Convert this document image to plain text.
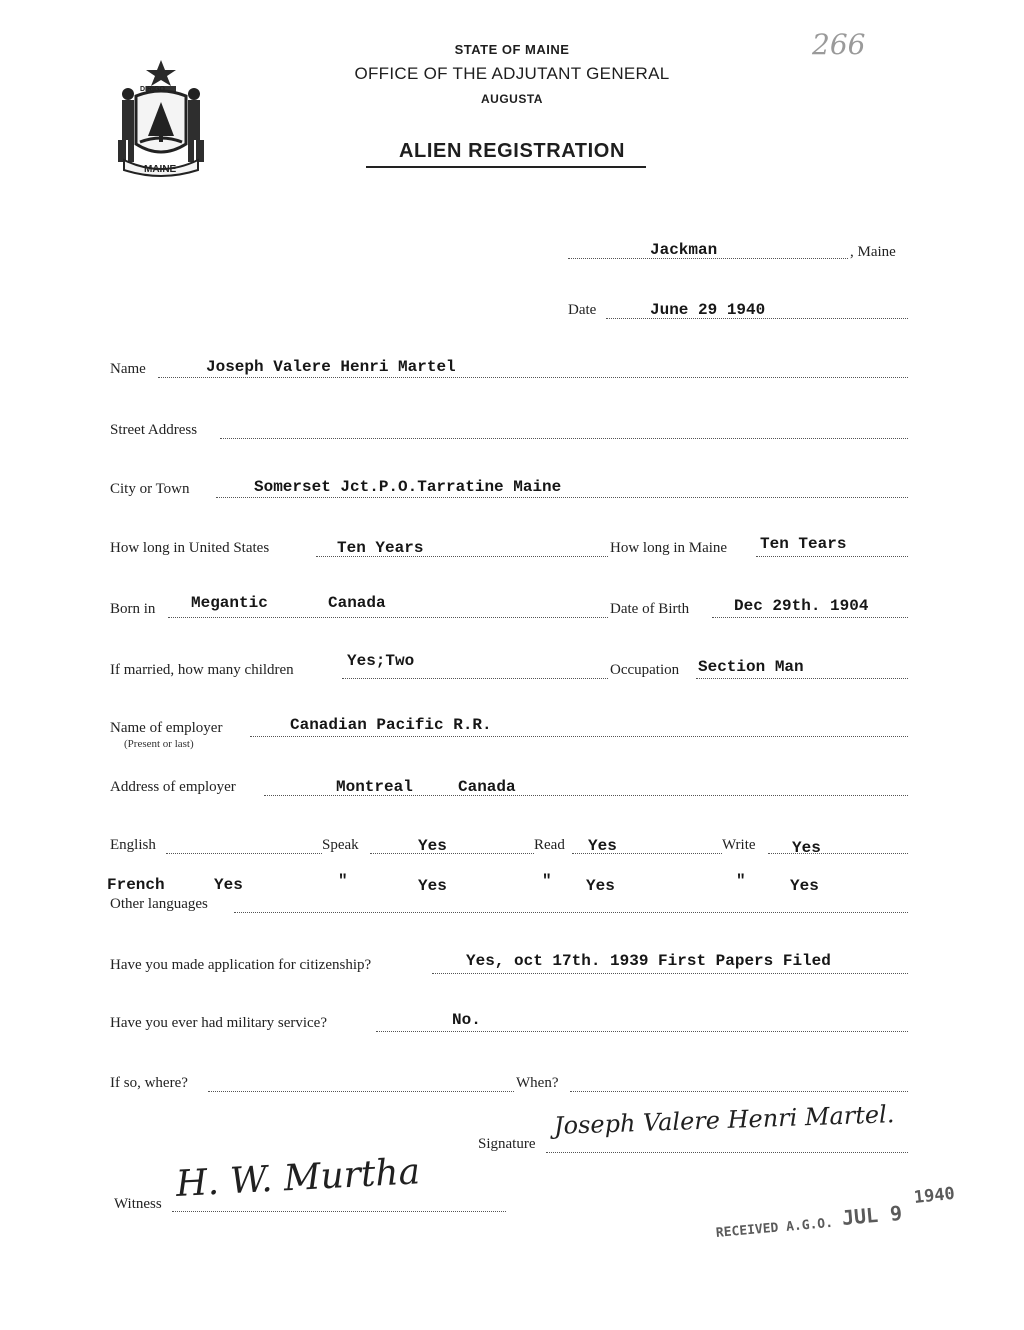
DIRIGO
MAINE
STATE OF MAINE
OFFICE OF THE ADJUTANT GENERAL
AUGUSTA
ALIEN REGISTRATION
266
Jackman	, Maine
Date	June 29 1940
Name	Joseph Valere Henri Martel
Street Address
City or Town	Somerset Jct.P.O.Tarratine Maine
How long in United States	Ten Years	How long in Maine Ten Tears
Born in Megantic	Canada	Date of Birth	Dec 29th. 1904
If married, how many children	Yes;Two	Occupation Section Man
Name of employer
(Present or last)
Canadian Pacific R.R.
Address of employer	Montreal	Canada
English	Speak	Yes	Read Yes	Write Yes
French	Yes	"	Yes	" Yes	"	Yes
Other languages
Have you made application for citizenship?	Yes, oct 17th. 1939 First Papers Filed
Have you ever had military service?	No.
If so, where?	When?
Signature
Joseph Valere Henri Martel.
Witness H. W. Murtha
RECEIVED A.G.O. JUL 9
1940
